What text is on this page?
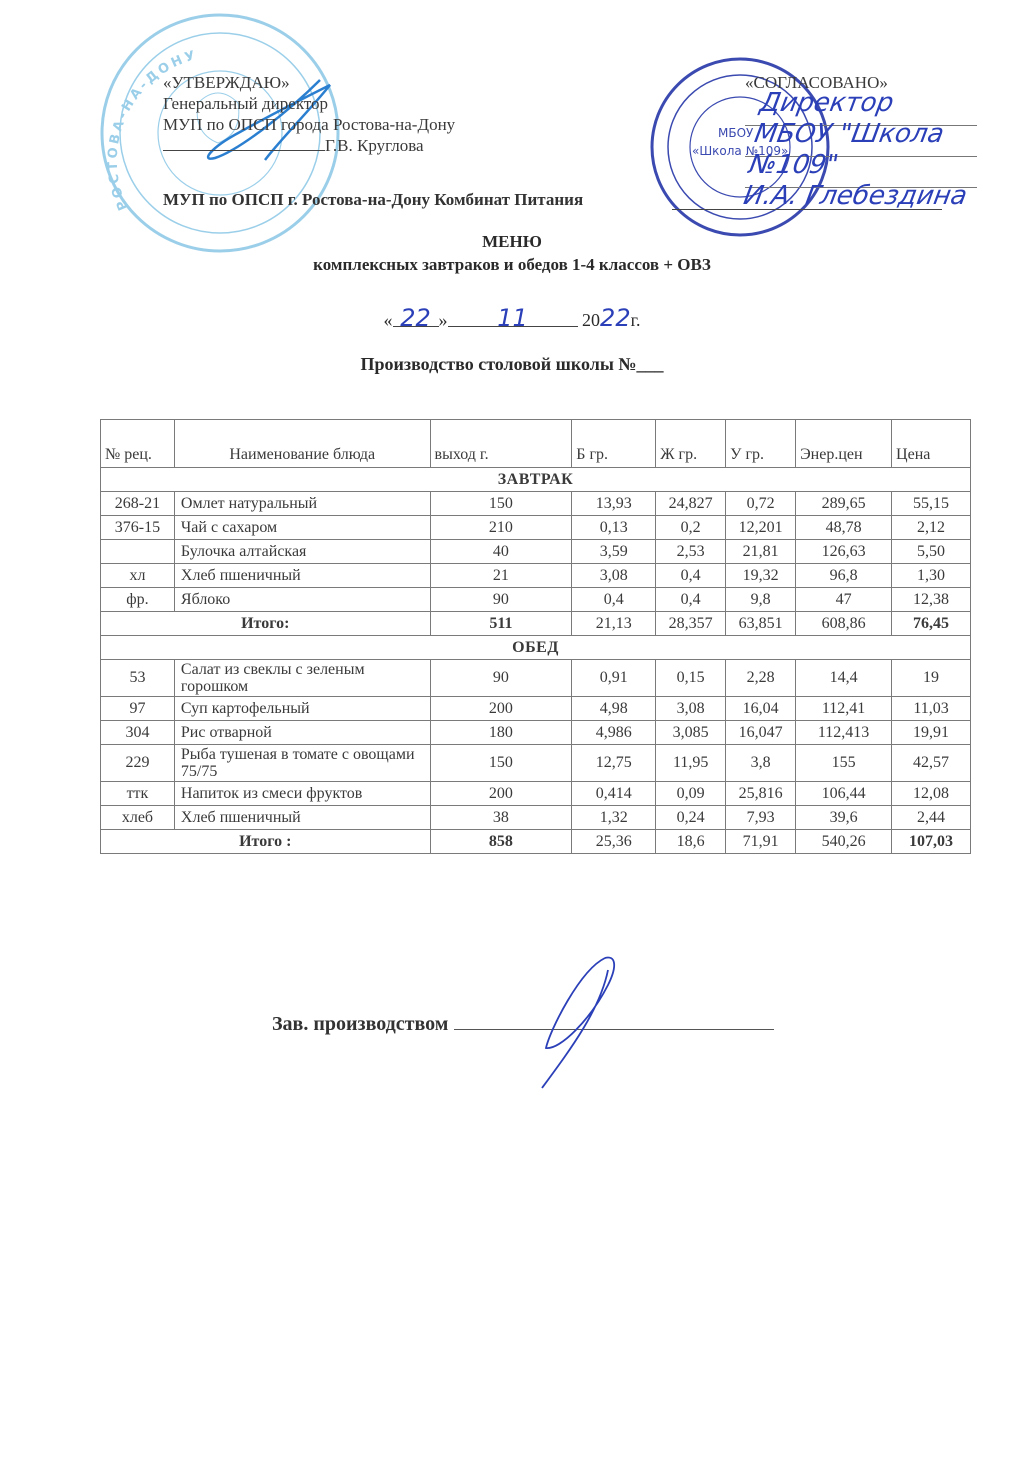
РОСТОВА-НА-ДОНУ
«УТВЕРЖДАЮ»
Генеральный директор
МУП по ОПСП города Ростова-на-Дону
Г.В. Круглова
МБОУ
«Школа №109»
«СОГЛАСОВАНО»
Директор
МБОУ "Школа №109"
И.А. Глебездина
МУП по ОПСП г. Ростова-на-Дону Комбинат Питания
МЕНЮ
комплексных завтраков и обедов 1-4 классов + ОВЗ
« 22 » 11	2022г.
Производство столовой школы №___
№ рец.	Наименование блюда	выход г.	Б гр.	Ж гр.	У гр.	Энер.цен	Цена
ЗАВТРАК							
268-21	Омлет натуральный	150	13,93	24,827	0,72	289,65	55,15
376-15	Чай с сахаром	210	0,13	0,2	12,201	48,78	2,12
	Булочка алтайская	40	3,59	2,53	21,81	126,63	5,50
хл	Хлеб пшеничный	21	3,08	0,4	19,32	96,8	1,30
фр.	Яблоко	90	0,4	0,4	9,8	47	12,38
Итого:		511	21,13	28,357	63,851	608,86	76,45
ОБЕД							
53	Салат из свеклы с зеленым горошком	90	0,91	0,15	2,28	14,4	19
97	Суп картофельный	200	4,98	3,08	16,04	112,41	11,03
304	Рис отварной	180	4,986	3,085	16,047	112,413	19,91
229	Рыба тушеная в томате с овощами 75/75	150	12,75	11,95	3,8	155	42,57
ттк	Напиток из смеси фруктов	200	0,414	0,09	25,816	106,44	12,08
хлеб	Хлеб пшеничный	38	1,32	0,24	7,93	39,6	2,44
Итого :		858	25,36	18,6	71,91	540,26	107,03
Зав. производством
